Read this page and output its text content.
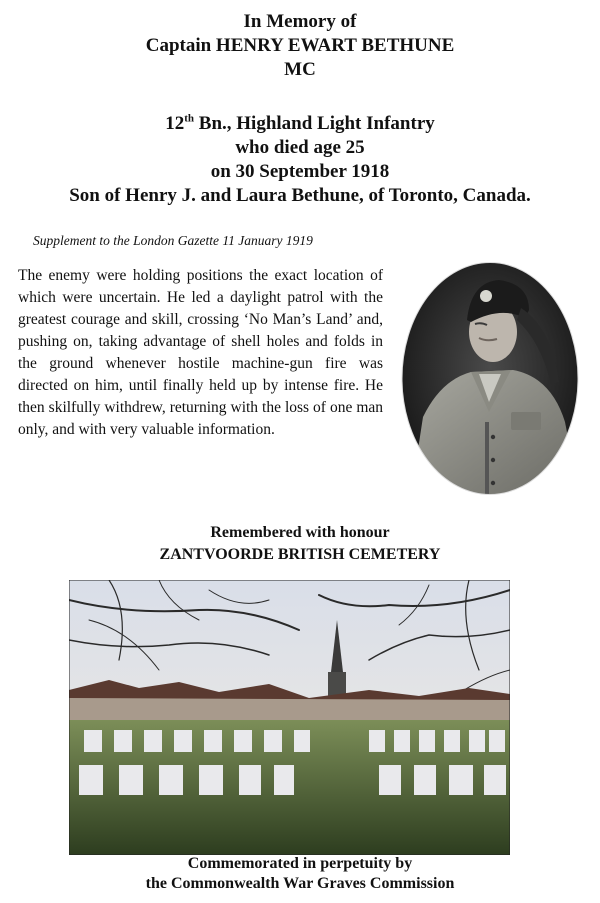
In Memory of
Captain HENRY EWART BETHUNE
MC
12th Bn., Highland Light Infantry
who died age 25
on 30 September 1918
Son of Henry J. and Laura Bethune, of Toronto, Canada.
Supplement to the London Gazette 11 January 1919
The enemy were holding positions the exact location of which were uncertain. He led a daylight patrol with the greatest courage and skill, crossing ‘No Man’s Land’ and, pushing on, taking advantage of shell holes and folds in the ground whenever hostile machine-gun fire was directed on him, until finally held up by intense fire. He then skilfully withdrew, returning with the loss of one man only, and with very valuable information.
Remembered with honour
ZANTVOORDE BRITISH CEMETERY
Commemorated in perpetuity by
the Commonwealth War Graves Commission
